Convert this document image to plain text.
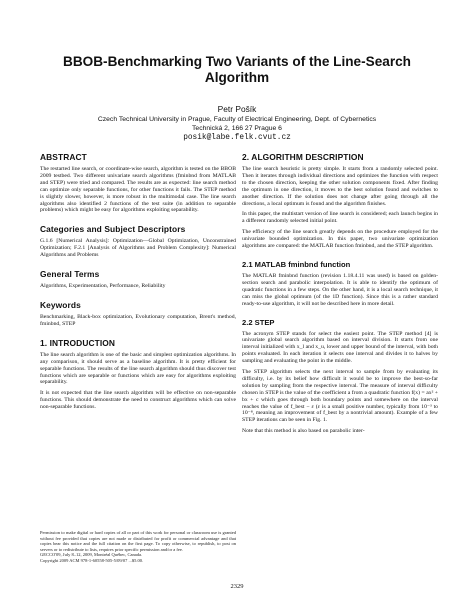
BBOB-Benchmarking Two Variants of the Line-Search Algorithm
Petr Pošík
Czech Technical University in Prague, Faculty of Electrical Engineering, Dept. of Cybernetics
Technická 2, 166 27 Prague 6
posik@labe.felk.cvut.cz
ABSTRACT

The restarted line search, or coordinate-wise search, algorithm is tested on the BBOB 2009 testbed. Two different univariate search algorithms (fminbnd from MATLAB and STEP) were tried and compared. The results are as expected: line search method can optimize only separable functions, for other functions it fails. The STEP method is slightly slower, however, is more robust in the multimodal case. The line search algorithms also identified 2 functions of the test suite (in addition to separable problems) which might be easy for algorithms exploiting separability.

Categories and Subject Descriptors

G.1.6 [Numerical Analysis]: Optimization—Global Optimization, Unconstrained Optimization; F.2.1 [Analysis of Algorithms and Problem Complexity]: Numerical Algorithms and Problems

General Terms

Algorithms, Experimentation, Performance, Reliability

Keywords

Benchmarking, Black-box optimization, Evolutionary computation, Brent's method, fminbnd, STEP

1. INTRODUCTION

The line search algorithm is one of the basic and simplest optimization algorithms. In any comparison, it should serve as a baseline algorithm. It is pretty efficient for separable functions. The results of the line search algorithm should thus discover test functions which are separable or functions which are easy for algorithms exploiting separability.

It is not expected that the line search algorithm will be effective on non-separable functions. This should demonstrate the need to construct algorithms which can solve non-separable functions.

Permission to make digital or hard copies of all or part of this work for personal or classroom use is granted without fee provided that copies are not made or distributed for profit or commercial advantage and that copies bear this notice and the full citation on the first page. To copy otherwise, to republish, to post on servers or to redistribute to lists, requires prior specific permission and/or a fee.

GECCO'09, July 8–12, 2009, Montréal Québec, Canada.

Copyright 2009 ACM 978-1-60558-505-5/09/07 ...$5.00.

2. ALGORITHM DESCRIPTION

The line search heuristic is pretty simple. It starts from a randomly selected point. Then it iterates through individual directions and optimizes the function with respect to the chosen direction, keeping the other solution components fixed. After finding the optimum in one direction, it moves to the best solution found and switches to another direction. If the solution does not change after going through all the directions, a local optimum is found and the algorithm finishes.

In this paper, the multistart version of line search is considered; each launch begins in a different randomly selected initial point.

The efficiency of the line search greatly depends on the procedure employed for the univariate bounded optimization. In this paper, two univariate optimization algorithms are compared: the MATLAB function fminbnd, and the STEP algorithm.

2.1 MATLAB fminbnd function

The MATLAB fminbnd function (revision 1.18.4.11 was used) is based on golden-section search and parabolic interpolation. It is able to identify the optimum of quadratic functions in a few steps. On the other hand, it is a local search technique, it can miss the global optimum (of the 1D function). Since this is a rather standard ready-to-use algorithm, it will not be described here in more detail.

2.2 STEP

The acronym STEP stands for select the easiest point. The STEP method [4] is univariate global search algorithm based on interval division. It starts from one interval initialized with x_l and x_u, lower and upper bound of the interval, with both points evaluated. In each iteration it selects one interval and divides it to halves by sampling and evaluating the point in the middle.

The STEP algorithm selects the next interval to sample from by evaluating its difficulty, i.e. by its belief how difficult it would be to improve the best-so-far solution by sampling from the respective interval. The measure of interval difficulty chosen in STEP is the value of the coefficient a from a quadratic function f(x) = ax² + bx + c which goes through both boundary points and somewhere on the interval reaches the value of f_best − ε (ε is a small positive number, typically from 10⁻³ to 10⁻⁸, meaning an improvement of f_best by a nontrivial amount). Example of a few STEP iterations can be seen in Fig. 1.

Note that this method is also based on parabolic inter-

2329
